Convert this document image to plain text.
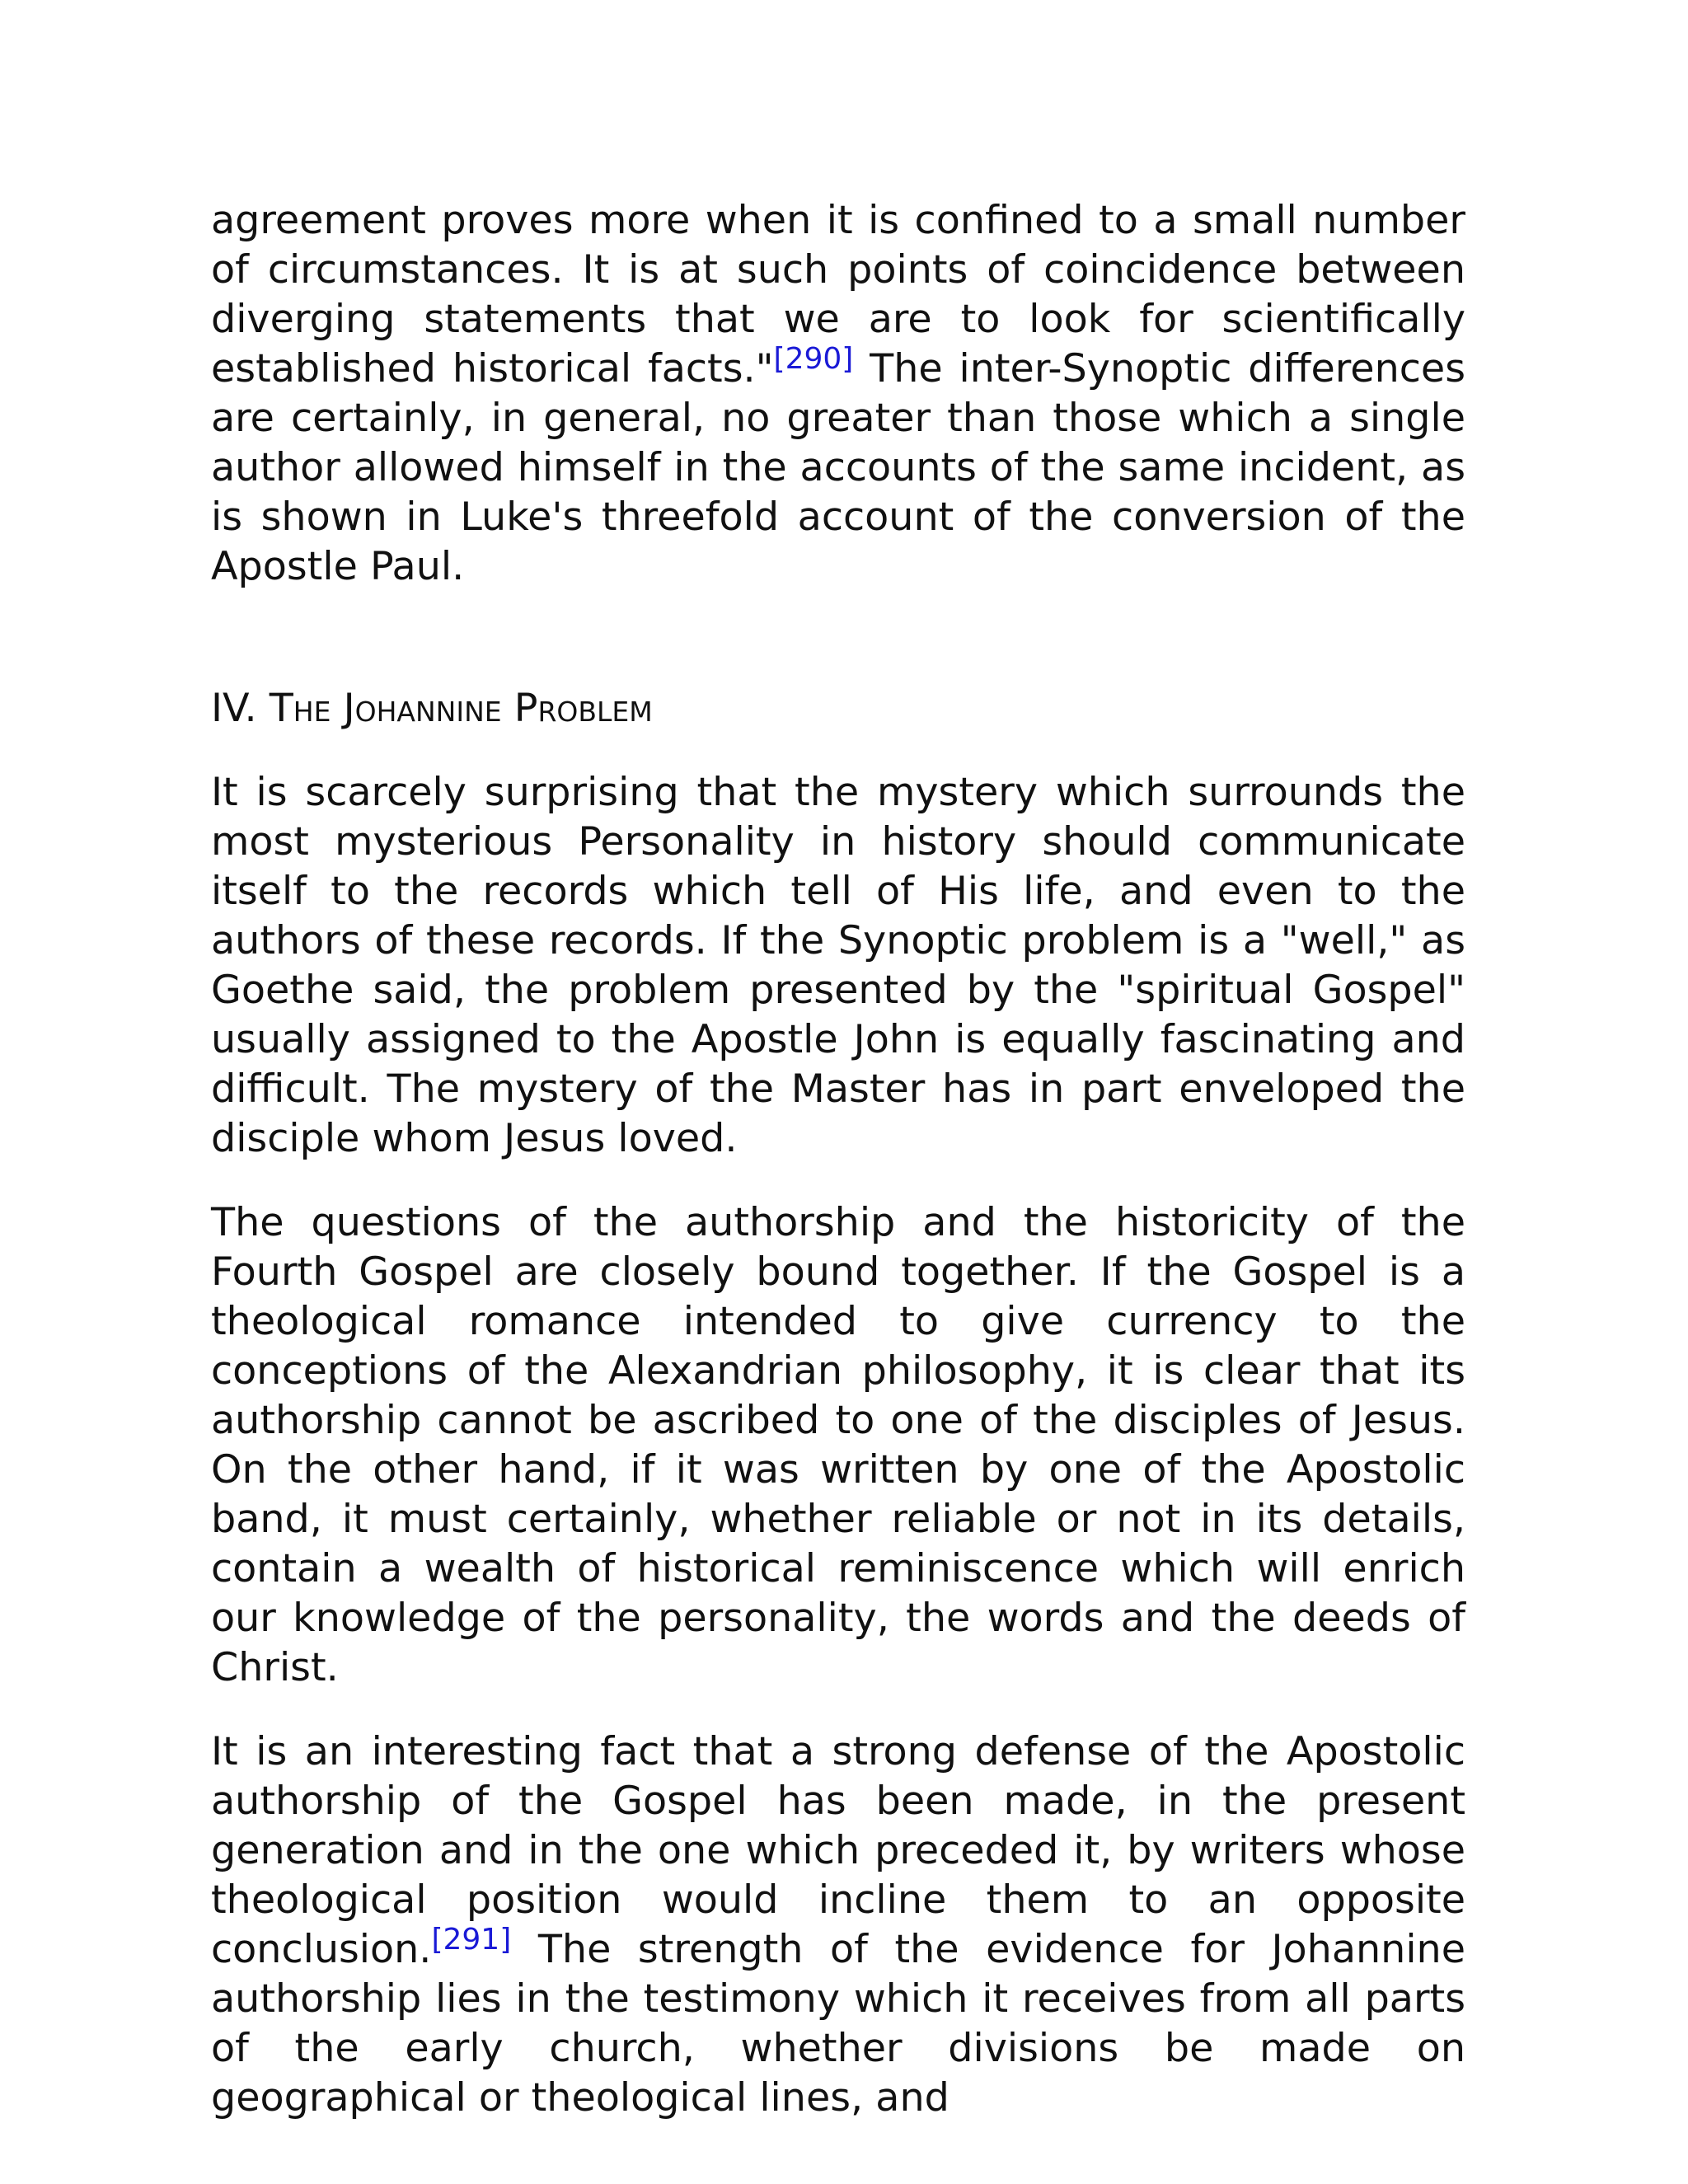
agreement proves more when it is confined to a small number of circumstances. It is at such points of coincidence between diverging statements that we are to look for scientifically established historical facts."[290] The inter-Synoptic differences are certainly, in general, no greater than those which a single author allowed himself in the accounts of the same incident, as is shown in Luke's threefold account of the conversion of the Apostle Paul.

IV. The Johannine Problem

It is scarcely surprising that the mystery which surrounds the most mysterious Personality in history should communicate itself to the records which tell of His life, and even to the authors of these records. If the Synoptic problem is a "well," as Goethe said, the problem presented by the "spiritual Gospel" usually assigned to the Apostle John is equally fascinating and difficult. The mystery of the Master has in part enveloped the disciple whom Jesus loved.

The questions of the authorship and the historicity of the Fourth Gospel are closely bound together. If the Gospel is a theological romance intended to give currency to the conceptions of the Alexandrian philosophy, it is clear that its authorship cannot be ascribed to one of the disciples of Jesus. On the other hand, if it was written by one of the Apostolic band, it must certainly, whether reliable or not in its details, contain a wealth of historical reminiscence which will enrich our knowledge of the personality, the words and the deeds of Christ.

It is an interesting fact that a strong defense of the Apostolic authorship of the Gospel has been made, in the present generation and in the one which preceded it, by writers whose theological position would incline them to an opposite conclusion.[291] The strength of the evidence for Johannine authorship lies in the testimony which it receives from all parts of the early church, whether divisions be made on geographical or theological lines, and
